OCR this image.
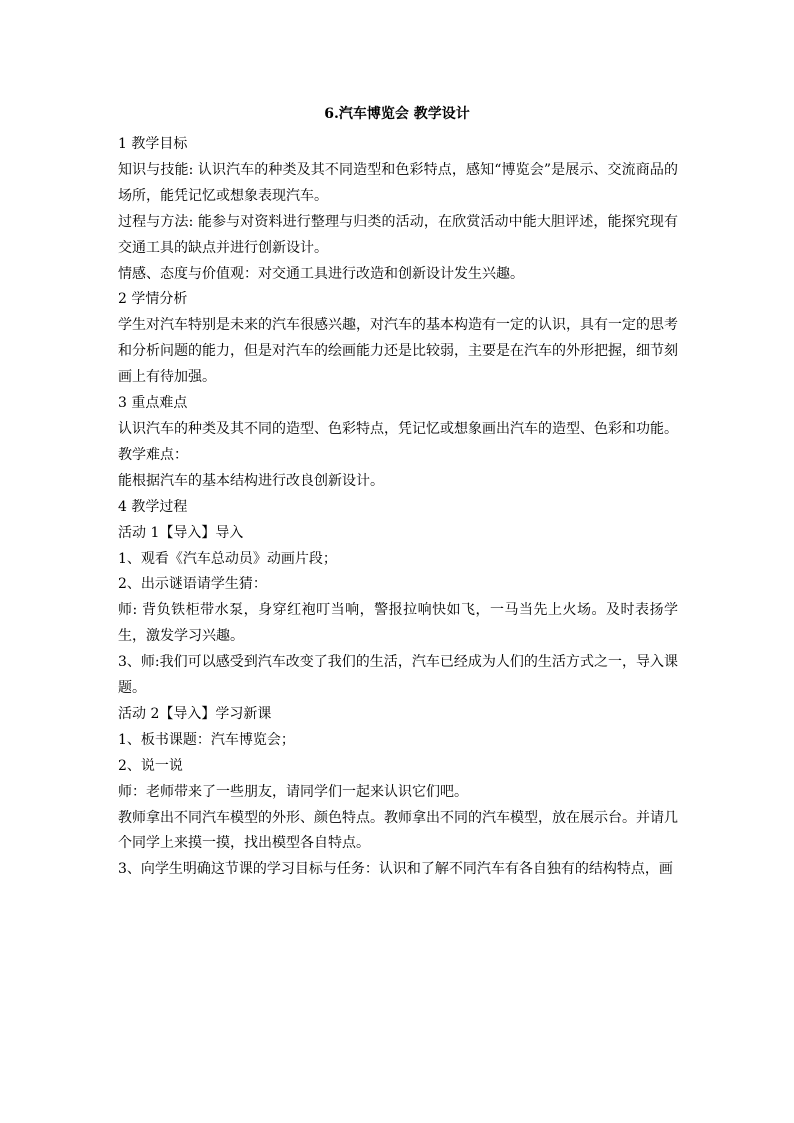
6.汽车博览会 教学设计

1 教学目标

知识与技能: 认识汽车的种类及其不同造型和色彩特点，感知“博览会”是展示、交流商品的场所，能凭记忆或想象表现汽车。

过程与方法: 能参与对资料进行整理与归类的活动，在欣赏活动中能大胆评述，能探究现有交通工具的缺点并进行创新设计。

情感、态度与价值观：对交通工具进行改造和创新设计发生兴趣。

2 学情分析

学生对汽车特别是未来的汽车很感兴趣，对汽车的基本构造有一定的认识，具有一定的思考和分析问题的能力，但是对汽车的绘画能力还是比较弱，主要是在汽车的外形把握，细节刻画上有待加强。

3 重点难点

认识汽车的种类及其不同的造型、色彩特点，凭记忆或想象画出汽车的造型、色彩和功能。

教学难点：

能根据汽车的基本结构进行改良创新设计。

4 教学过程

活动 1【导入】导入

1、观看《汽车总动员》动画片段；

2、出示谜语请学生猜：

师: 背负铁柜带水泵，身穿红袍叮当响，警报拉响快如飞，一马当先上火场。及时表扬学生，激发学习兴趣。

3、师:我们可以感受到汽车改变了我们的生活，汽车已经成为人们的生活方式之一，导入课题。

活动 2【导入】学习新课

1、板书课题：汽车博览会；

2、说一说

师：老师带来了一些朋友，请同学们一起来认识它们吧。

教师拿出不同汽车模型的外形、颜色特点。教师拿出不同的汽车模型，放在展示台。并请几个同学上来摸一摸，找出模型各自特点。

3、向学生明确这节课的学习目标与任务：认识和了解不同汽车有各自独有的结构特点，画
